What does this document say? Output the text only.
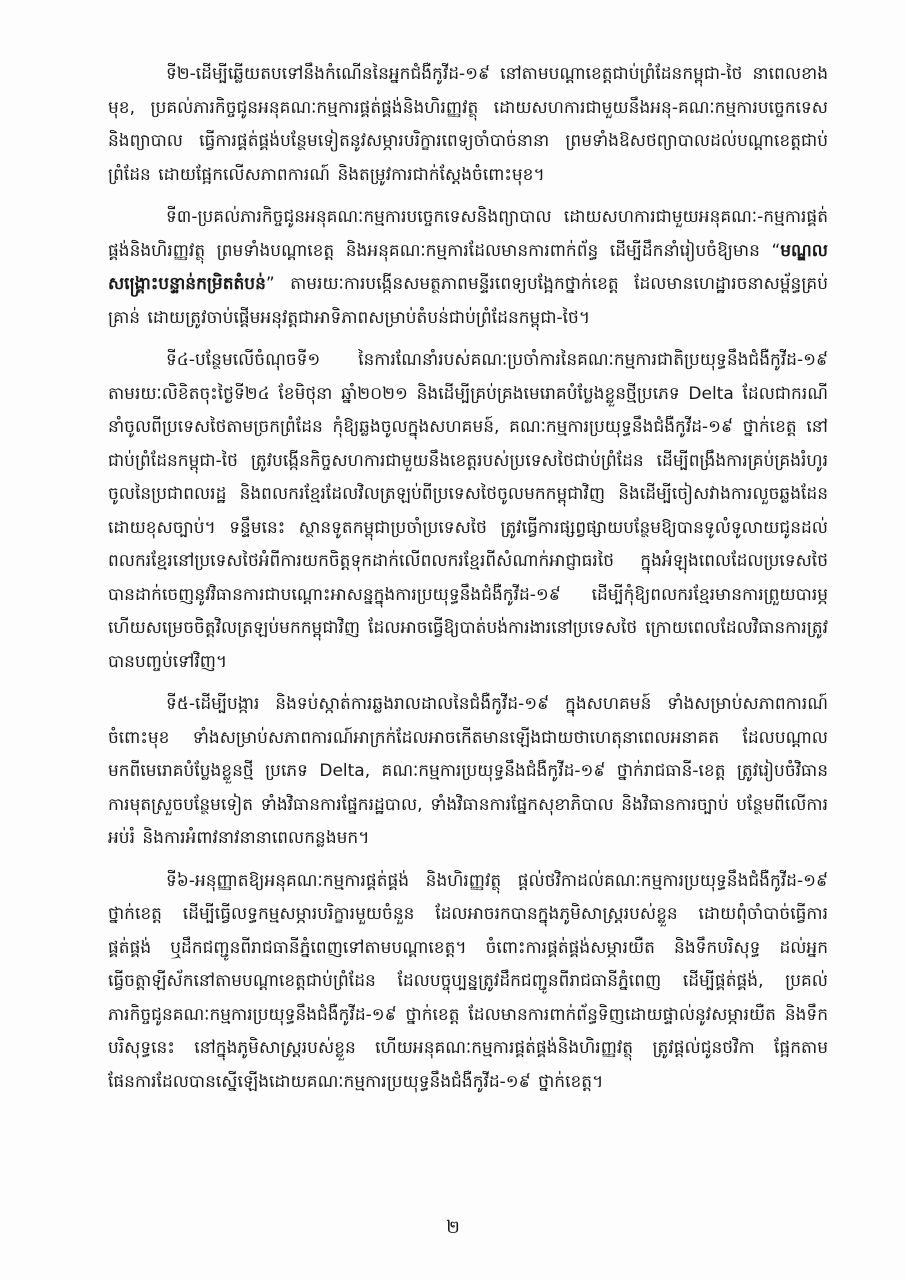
ទី២-ដើម្បីឆ្លើយតបទៅនឹងកំណើននៃអ្នកជំងឺកូវីដ-១៩ នៅតាមបណ្តាខេត្តជាប់ព្រំដែនកម្ពុជា-ថៃ នាពេលខាងមុខ, ប្រគល់ភារកិច្ចជូនអនុគណៈកម្មការផ្គត់ផ្គង់និងហិរញ្ញវត្ថុ ដោយសហការជាមួយនឹងអនុ-គណៈកម្មការបច្ចេកទេសនិងព្យាបាល ធ្វើការផ្គត់ផ្គង់បន្ថែមទៀតនូវសម្ភារបរិក្ខារពេទ្យចាំបាច់នានា ព្រមទាំងឱសថព្យាបាលដល់បណ្តាខេត្តជាប់ព្រំដែន ដោយផ្អែកលើសភាពការណ៍ និងតម្រូវការជាក់ស្តែងចំពោះមុខ។

ទី៣-ប្រគល់ភារកិច្ចជូនអនុគណៈកម្មការបច្ចេកទេសនិងព្យាបាល ដោយសហការជាមួយអនុគណៈ-កម្មការផ្គត់ផ្គង់និងហិរញ្ញវត្ថុ ព្រមទាំងបណ្តាខេត្ត និងអនុគណៈកម្មការដែលមានការពាក់ព័ន្ធ ដើម្បីដឹកនាំរៀបចំឱ្យមាន “មណ្ឌលសង្គ្រោះបន្ទាន់កម្រិតតំបន់” តាមរយៈការបង្កើនសមត្ថភាពមន្ទីរពេទ្យបង្អែកថ្នាក់ខេត្ត ដែលមានហេដ្ឋារចនាសម្ព័ន្ធគ្រប់គ្រាន់ ដោយត្រូវចាប់ផ្តើមអនុវត្តជាអាទិភាពសម្រាប់តំបន់ជាប់ព្រំដែនកម្ពុជា-ថៃ។

ទី៤-បន្ថែមលើចំណុចទី១ នៃការណែនាំរបស់គណៈប្រចាំការនៃគណៈកម្មការជាតិប្រយុទ្ធនឹងជំងឺកូវីដ-១៩ តាមរយៈលិខិតចុះថ្ងៃទី២៤ ខែមិថុនា ឆ្នាំ២០២១ និងដើម្បីគ្រប់គ្រងមេរោគបំប្លែងខ្លួនថ្មីប្រភេទ Delta ដែលជាករណីនាំចូលពីប្រទេសថៃតាមច្រកព្រំដែន កុំឱ្យឆ្លងចូលក្នុងសហគមន៍, គណៈកម្មការប្រយុទ្ធនឹងជំងឺកូវីដ-១៩ ថ្នាក់ខេត្ត នៅជាប់ព្រំដែនកម្ពុជា-ថៃ ត្រូវបង្កើនកិច្ចសហការជាមួយនឹងខេត្តរបស់ប្រទេសថៃជាប់ព្រំដែន ដើម្បីពង្រឹងការគ្រប់គ្រងរំហូរចូលនៃប្រជាពលរដ្ឋ និងពលករខ្មែរដែលវិលត្រឡប់ពីប្រទេសថៃចូលមកកម្ពុជាវិញ និងដើម្បីចៀសវាងការលួចឆ្លងដែនដោយខុសច្បាប់។ ទន្ទឹមនេះ ស្ថានទូតកម្ពុជាប្រចាំប្រទេសថៃ ត្រូវធ្វើការផ្សព្វផ្សាយបន្ថែមឱ្យបានទូលំទូលាយជូនដល់ពលករខ្មែរនៅប្រទេសថៃអំពីការយកចិត្តទុកដាក់លើពលករខ្មែរពីសំណាក់អាជ្ញាធរថៃ ក្នុងអំឡុងពេលដែលប្រទេសថៃបានដាក់ចេញនូវវិធានការជាបណ្តោះអាសន្នក្នុងការប្រយុទ្ធនឹងជំងឺកូវីដ-១៩ ដើម្បីកុំឱ្យពលករខ្មែរមានការព្រួយបារម្ភ ហើយសម្រេចចិត្តវិលត្រឡប់មកកម្ពុជាវិញ ដែលអាចធ្វើឱ្យបាត់បង់ការងារនៅប្រទេសថៃ ក្រោយពេលដែលវិធានការត្រូវបានបញ្ចប់ទៅវិញ។

ទី៥-ដើម្បីបង្ការ និងទប់ស្កាត់ការឆ្លងរាលដាលនៃជំងឺកូវីដ-១៩ ក្នុងសហគមន៍ ទាំងសម្រាប់សភាពការណ៍ចំពោះមុខ ទាំងសម្រាប់សភាពការណ៍អាក្រក់ដែលអាចកើតមានឡើងជាយថាហេតុនាពេលអនាគត ដែលបណ្តាលមកពីមេរោគបំប្លែងខ្លួនថ្មី ប្រភេទ Delta, គណៈកម្មការប្រយុទ្ធនឹងជំងឺកូវីដ-១៩ ថ្នាក់រាជធានី-ខេត្ត ត្រូវរៀបចំវិធានការមុតស្រួចបន្ថែមទៀត ទាំងវិធានការផ្នែករដ្ឋបាល, ទាំងវិធានការផ្នែកសុខាភិបាល និងវិធានការច្បាប់ បន្ថែមពីលើការអប់រំ និងការអំពាវនាវនានាពេលកន្លងមក។

ទី៦-អនុញ្ញាតឱ្យអនុគណៈកម្មការផ្គត់ផ្គង់ និងហិរញ្ញវត្ថុ ផ្តល់ថវិកាដល់គណៈកម្មការប្រយុទ្ធនឹងជំងឺកូវីដ-១៩ ថ្នាក់ខេត្ត ដើម្បីធ្វើលទ្ធកម្មសម្ភារបរិក្ខារមួយចំនួន ដែលអាចរកបានក្នុងភូមិសាស្ត្ររបស់ខ្លួន ដោយពុំចាំបាច់ធ្វើការផ្គត់ផ្គង់ ឬដឹកជញ្ជូនពីរាជធានីភ្នំពេញទៅតាមបណ្តាខេត្ត។ ចំពោះការផ្គត់ផ្គង់សម្ភារយឺត និងទឹកបរិសុទ្ធ ដល់អ្នកធ្វើចត្តាឡីស័កនៅតាមបណ្តាខេត្តជាប់ព្រំដែន ដែលបច្ចុប្បន្នត្រូវដឹកជញ្ជូនពីរាជធានីភ្នំពេញ ដើម្បីផ្គត់ផ្គង់, ប្រគល់ភារកិច្ចជូនគណៈកម្មការប្រយុទ្ធនឹងជំងឺកូវីដ-១៩ ថ្នាក់ខេត្ត ដែលមានការពាក់ព័ន្ធទិញដោយផ្ទាល់នូវសម្ភារយឺត និងទឹកបរិសុទ្ធនេះ នៅក្នុងភូមិសាស្ត្ររបស់ខ្លួន ហើយអនុគណៈកម្មការផ្គត់ផ្គង់និងហិរញ្ញវត្ថុ ត្រូវផ្តល់ជូនថវិកា ផ្អែកតាមផែនការដែលបានស្នើឡើងដោយគណៈកម្មការប្រយុទ្ធនឹងជំងឺកូវីដ-១៩ ថ្នាក់ខេត្ត។

២
